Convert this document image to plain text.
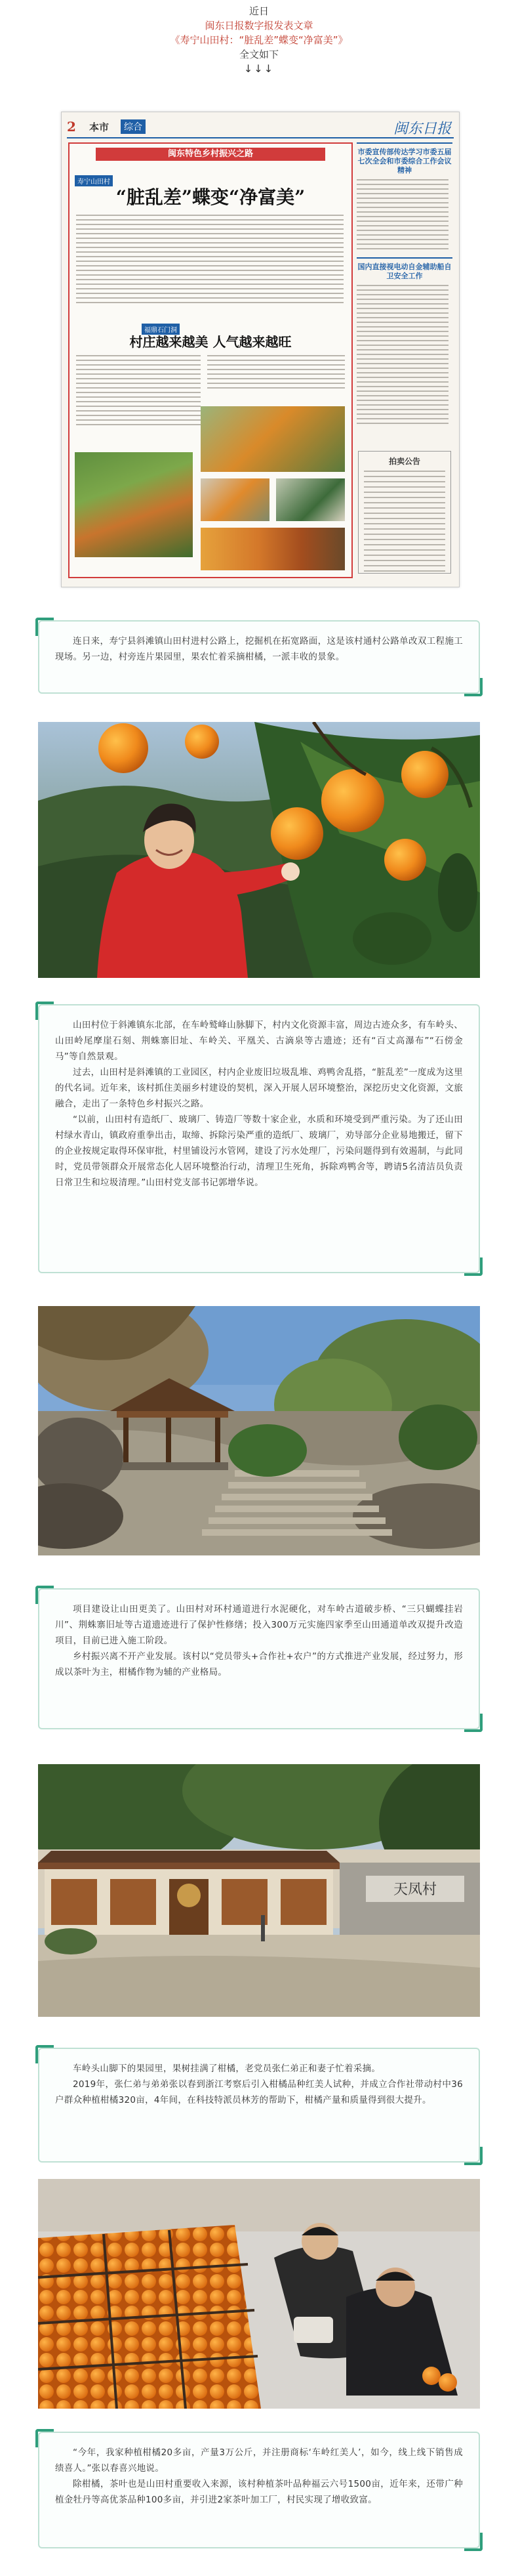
近日
闽东日报数字报发表文章
《寿宁山田村：“脏乱差”蝶变“净富美”》
全文如下
↓↓↓
2 本市	综合	闽东日报
闽东特色乡村振兴之路
寿宁山田村
“脏乱差”蝶变“净富美”
福鼎石门洞
村庄越来越美 人气越来越旺
市委宣传部传达学习市委五届七次全会和市委综合工作会议精神
国内直接视电动自金辅助船自卫安全工作
拍卖公告

连日来，寿宁县斜滩镇山田村进村公路上，挖掘机在拓宽路面，这是该村通村公路单改双工程施工现场。另一边，村旁连片果园里，果农忙着采摘柑橘，一派丰收的景象。

山田村位于斜滩镇东北部，在车岭鹫峰山脉脚下，村内文化资源丰富，周边古迹众多，有车岭头、山田岭尾摩崖石刻、荆蛛寨旧址、车岭关、平凰关、古滴泉等古遗迹；还有“百丈高瀑布”“石傍金马”等自然景观。

过去，山田村是斜滩镇的工业园区，村内企业废旧垃圾乱堆、鸡鸭舍乱搭，“脏乱差”一度成为这里的代名词。近年来，该村抓住美丽乡村建设的契机，深入开展人居环境整治，深挖历史文化资源，文旅融合，走出了一条特色乡村振兴之路。

“以前，山田村有造纸厂、玻璃厂、铸造厂等数十家企业，水质和环境受到严重污染。为了还山田村绿水青山，镇政府重拳出击，取缔、拆除污染严重的造纸厂、玻璃厂，劝导部分企业易地搬迁，留下的企业按规定取得环保审批，村里铺设污水管网，建设了污水处理厂，污染问题得到有效遏制，与此同时，党员带领群众开展常态化人居环境整治行动，清理卫生死角，拆除鸡鸭舍等，聘请5名清洁员负责日常卫生和垃圾清理。”山田村党支部书记郭增华说。

项目建设让山田更美了。山田村对环村通道进行水泥硬化，对车岭古道破步桥、“三只蝴蝶挂岩川”、荆蛛寨旧址等古道遗迹进行了保护性修缮；投入300万元实施四家季至山田通道单改双提升改造项目，目前已进入施工阶段。

乡村振兴离不开产业发展。该村以“党员带头+合作社+农户”的方式推进产业发展，经过努力，形成以茶叶为主，柑橘作物为辅的产业格局。

天凤村

车岭头山脚下的果园里，果树挂满了柑橘，老党员张仁弟正和妻子忙着采摘。

2019年，张仁弟与弟弟张以春到浙江考察后引入柑橘品种红美人试种，并成立合作社带动村中36户群众种植柑橘320亩，4年间，在科技特派员林芳的帮助下，柑橘产量和质量得到很大提升。

“今年，我家种植柑橘20多亩，产量3万公斤，并注册商标‘车岭红美人’，如今，线上线下销售成绩喜人。”张以春喜兴地说。

除柑橘，茶叶也是山田村重要收入来源，该村种植茶叶品种福云六号1500亩，近年来，还带广种植金牡丹等高优茶品种100多亩，并引进2家茶叶加工厂，村民实现了增收致富。
